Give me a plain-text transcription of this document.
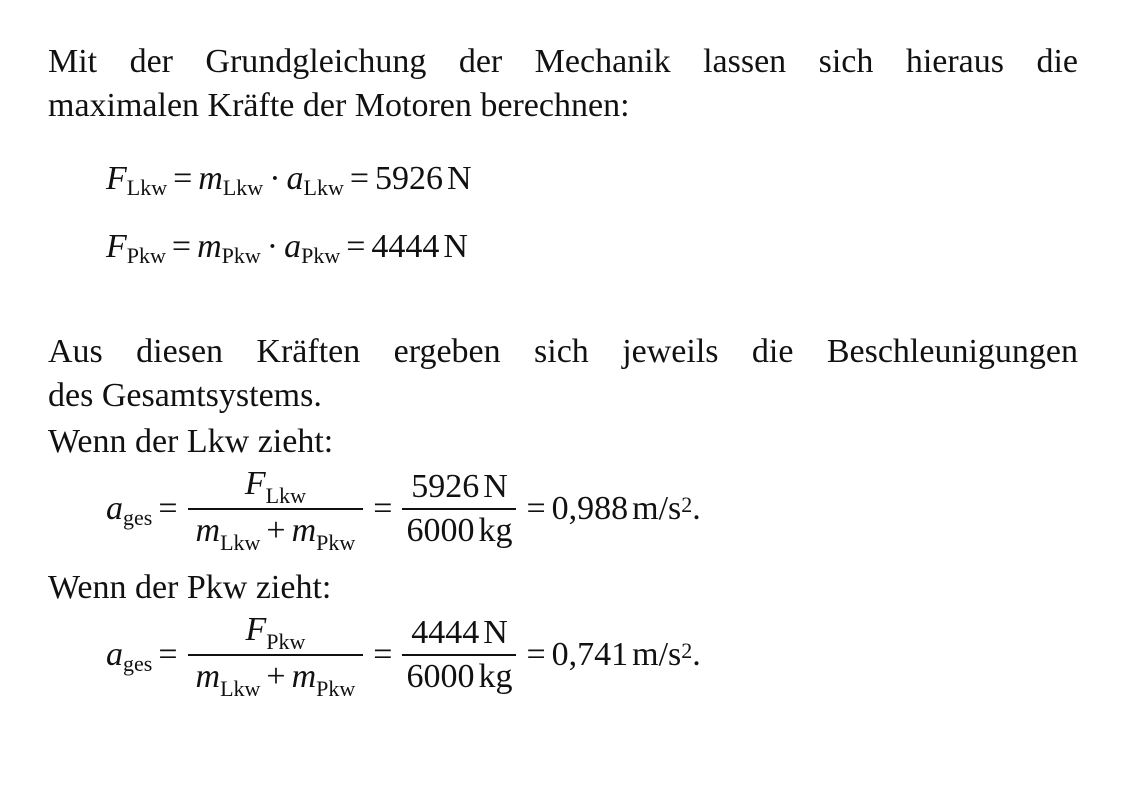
Mit der Grundgleichung der Mechanik lassen sich hieraus die
maximalen Kräfte der Motoren berechnen:
F Lkw = m Lkw · a Lkw = 5926 N
F Pkw = m Pkw · a Pkw = 4444 N
Aus diesen Kräften ergeben sich jeweils die Beschleunigungen
des Gesamtsystems.
Wenn der Lkw zieht:
a ges = $\frac{F_{Lkw}}{m_{Lkw} + m_{Pkw}} = \frac{5926 N}{6000 kg} = 0,988$ $m/s^2$ .
Wenn der Pkw zieht:
a ges = $\frac{F_{Pkw}}{m_{Lkw} + m_{Pkw}} = \frac{4444 N}{6000 kg} = 0,741$ $m/s^2$ .
